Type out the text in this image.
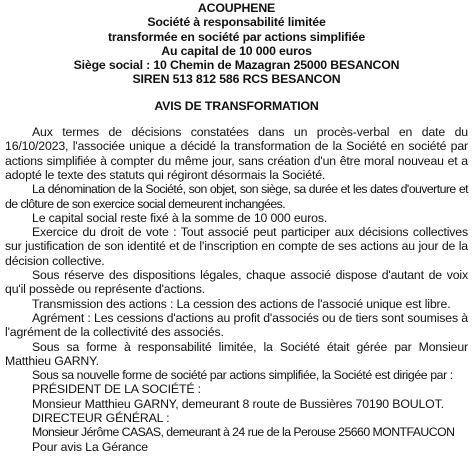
ACOUPHENE
Société à responsabilité limitée
transformée en société par actions simplifiée
Au capital de 10 000 euros
Siège social : 10 Chemin de Mazagran 25000 BESANCON
SIREN 513 812 586 RCS BESANCON
AVIS DE TRANSFORMATION

Aux termes de décisions constatées dans un procès-verbal en date du 16/10/2023, l'associée unique a décidé la transformation de la Société en société par actions simplifiée à compter du même jour, sans création d'un être moral nouveau et a adopté le texte des statuts qui régiront désormais la Société.

La dénomination de la Société, son objet, son siège, sa durée et les dates d'ouverture et de clôture de son exercice social demeurent inchangées.

Le capital social reste fixé à la somme de 10 000 euros.

Exercice du droit de vote : Tout associé peut participer aux décisions collectives sur justification de son identité et de l'inscription en compte de ses actions au jour de la décision collective.

Sous réserve des dispositions légales, chaque associé dispose d'autant de voix qu'il possède ou représente d'actions.

Transmission des actions : La cession des actions de l'associé unique est libre.

Agrément : Les cessions d'actions au profit d'associés ou de tiers sont soumises à l'agrément de la collectivité des associés.

Sous sa forme à responsabilité limitée, la Société était gérée par Monsieur Matthieu GARNY.

Sous sa nouvelle forme de société par actions simplifiée, la Société est dirigée par :

PRÉSIDENT DE LA SOCIÉTÉ :

Monsieur Matthieu GARNY, demeurant 8 route de Bussières 70190 BOULOT.

DIRECTEUR GÉNÉRAL :

Monsieur Jérôme CASAS, demeurant à 24 rue de la Perouse 25660 MONTFAUCON

Pour avis La Gérance
